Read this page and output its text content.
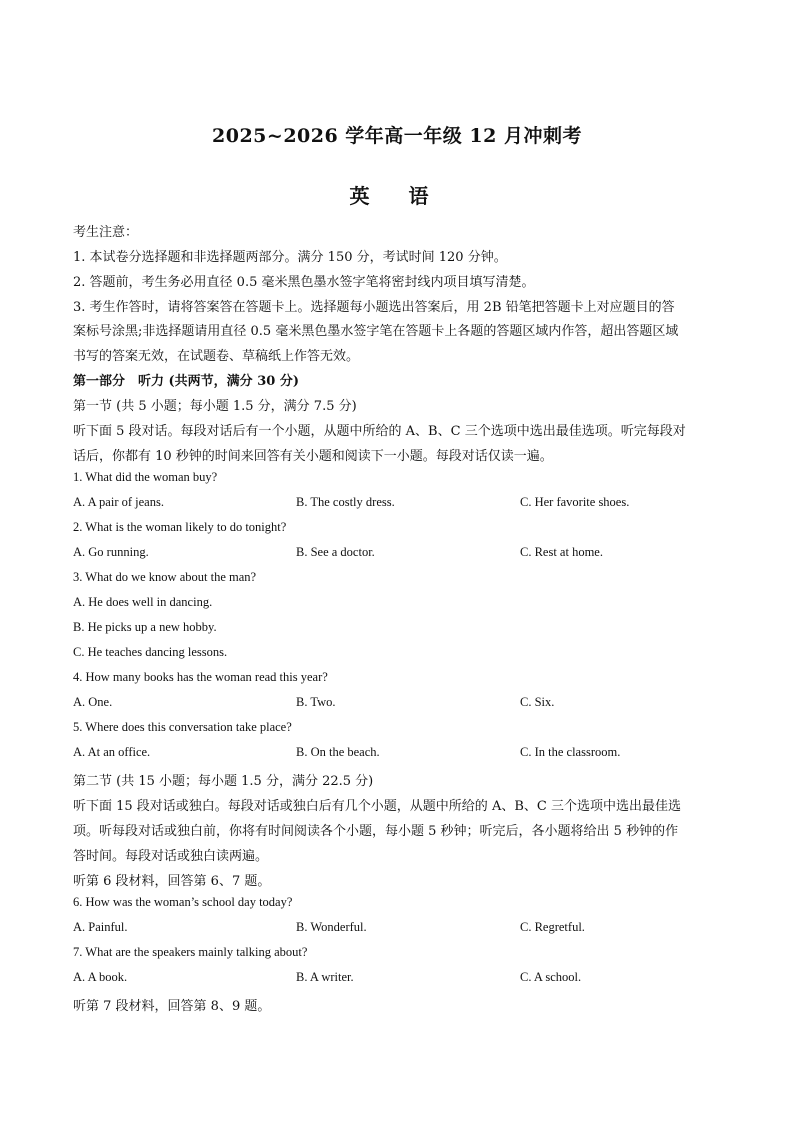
2025~2026 学年高一年级 12 月冲刺考
英 语
考生注意：
1. 本试卷分选择题和非选择题两部分。满分 150 分，考试时间 120 分钟。
2. 答题前，考生务必用直径 0.5 毫米黑色墨水签字笔将密封线内项目填写清楚。
3. 考生作答时，请将答案答在答题卡上。选择题每小题选出答案后，用 2B 铅笔把答题卡上对应题目的答
案标号涂黑;非选择题请用直径 0.5 毫米黑色墨水签字笔在答题卡上各题的答题区域内作答，超出答题区域
书写的答案无效，在试题卷、草稿纸上作答无效。
第一部分　听力 (共两节，满分 30 分)
第一节 (共 5 小题；每小题 1.5 分，满分 7.5 分)
听下面 5 段对话。每段对话后有一个小题，从题中所给的 A、B、C 三个选项中选出最佳选项。听完每段对
话后，你都有 10 秒钟的时间来回答有关小题和阅读下一小题。每段对话仅读一遍。
1. What did the woman buy?
A. A pair of jeans.	B. The costly dress.	C. Her favorite shoes.
2. What is the woman likely to do tonight?
A. Go running.	B. See a doctor.	C. Rest at home.
3. What do we know about the man?
A. He does well in dancing.
B. He picks up a new hobby.
C. He teaches dancing lessons.
4. How many books has the woman read this year?
A. One.	B. Two.	C. Six.
5. Where does this conversation take place?
A. At an office.	B. On the beach.	C. In the classroom.
第二节 (共 15 小题；每小题 1.5 分，满分 22.5 分)
听下面 15 段对话或独白。每段对话或独白后有几个小题，从题中所给的 A、B、C 三个选项中选出最佳选
项。听每段对话或独白前，你将有时间阅读各个小题，每小题 5 秒钟；听完后，各小题将给出 5 秒钟的作
答时间。每段对话或独白读两遍。
听第 6 段材料，回答第 6、7 题。
6. How was the woman’s school day today?
A. Painful.	B. Wonderful.	C. Regretful.
7. What are the speakers mainly talking about?
A. A book.	B. A writer.	C. A school.
听第 7 段材料，回答第 8、9 题。
